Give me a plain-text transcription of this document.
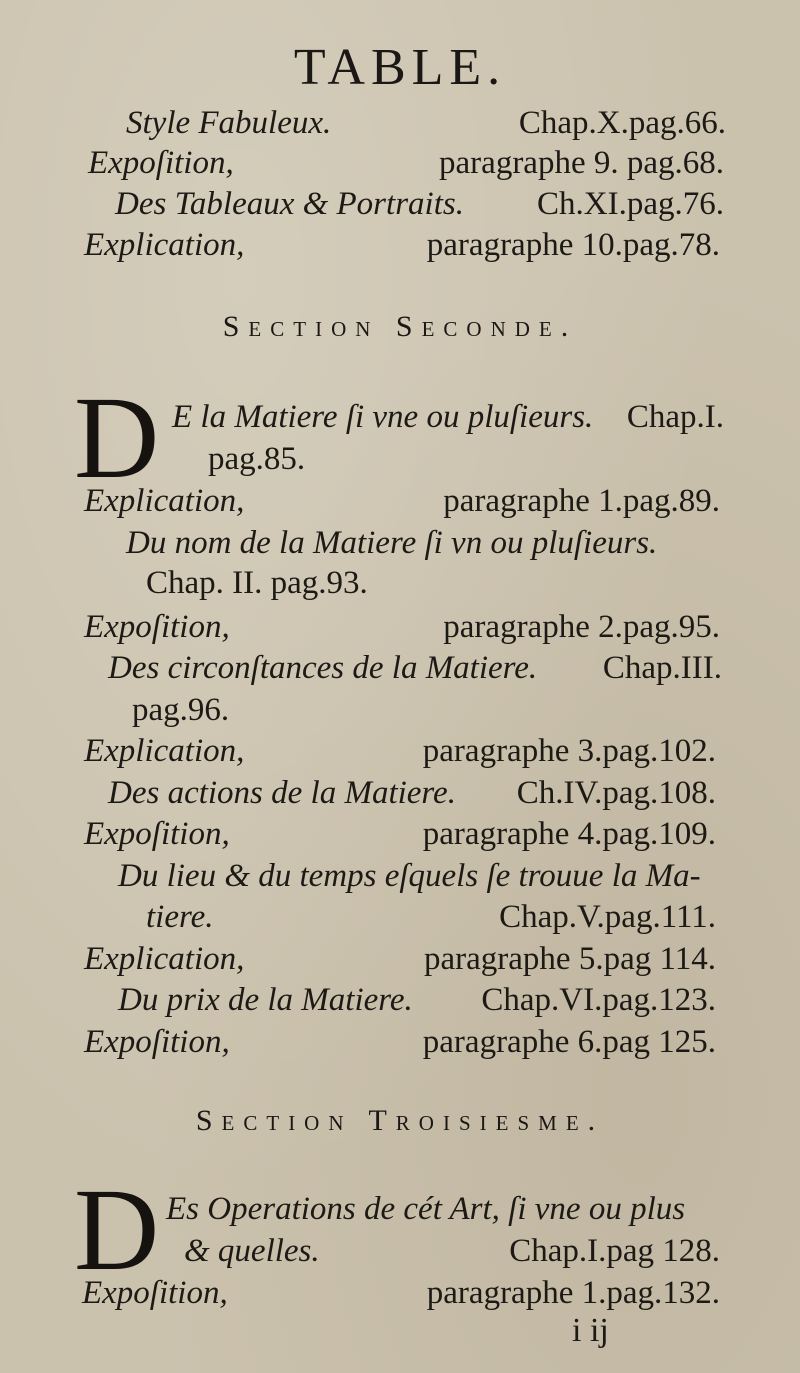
TABLE.
Style Fabuleux.	Chap.X.pag.66.
Expoſition,	paragraphe 9. pag.68.
Des Tableaux & Portraits. Ch.XI.pag.76.
Explication,	paragraphe 10.pag.78.
Section Seconde.
D E la Matiere ſi vne ou pluſieurs. Chap.I.
pag.85.
Explication,	paragraphe 1.pag.89.
Du nom de la Matiere ſi vn ou pluſieurs.
Chap. II. pag.93.
Expoſition,	paragraphe 2.pag.95.
Des circonſtances de la Matiere. Chap.III.
pag.96.
Explication,	paragraphe 3.pag.102.
Des actions de la Matiere. Ch.IV.pag.108.
Expoſition,	paragraphe 4.pag.109.
Du lieu & du temps eſquels ſe trouue la Ma-
tiere.	Chap.V.pag.111.
Explication,	paragraphe 5.pag 114.
Du prix de la Matiere. Chap.VI.pag.123.
Expoſition,	paragraphe 6.pag 125.
Section Troisiesme.
D Es Operations de cét Art, ſi vne ou plus
& quelles.	Chap.I.pag 128.
Expoſition,	paragraphe 1.pag.132.
i ij
